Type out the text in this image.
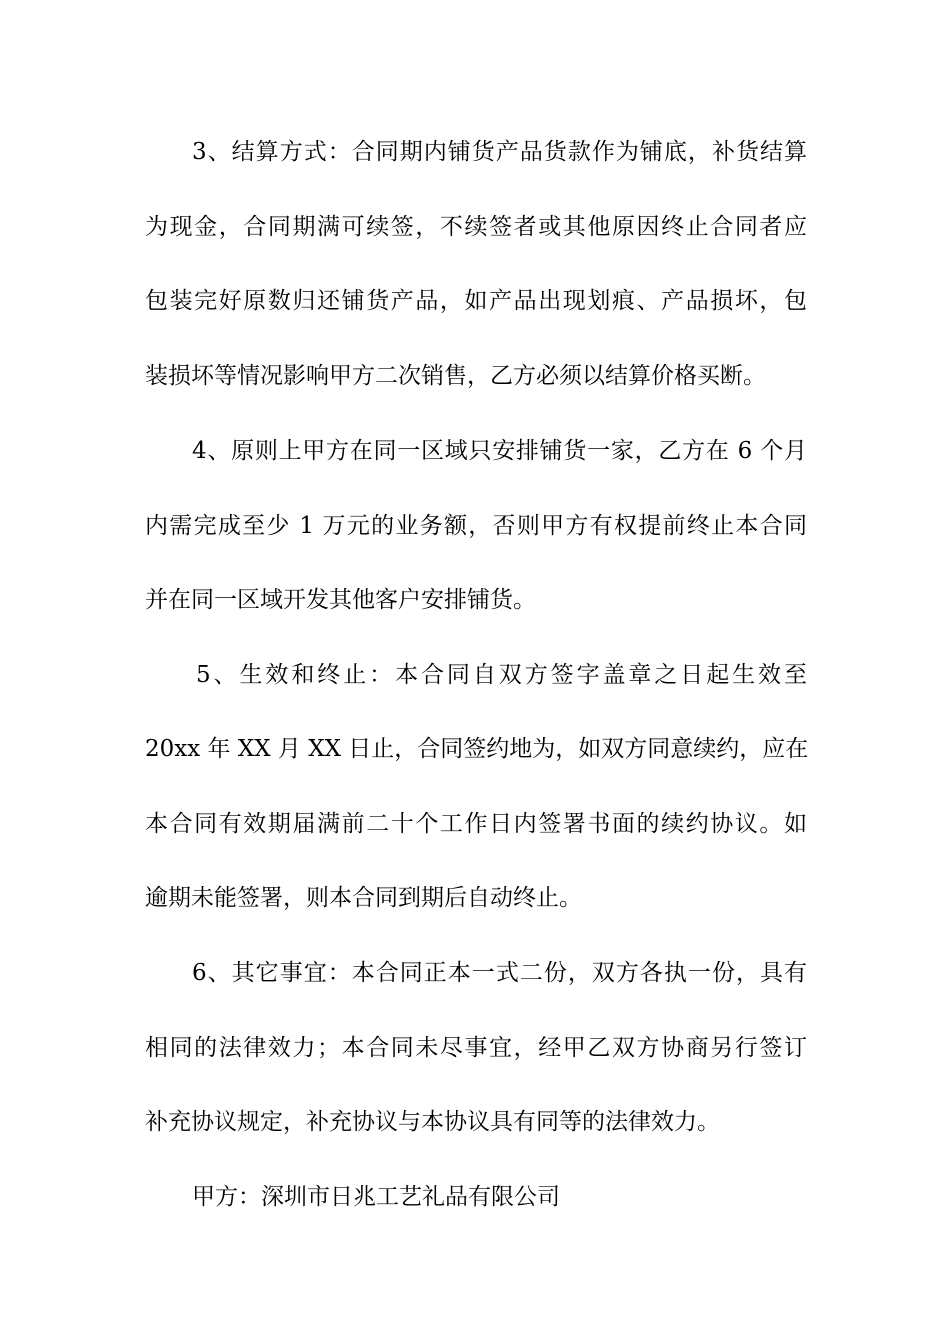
3、结算方式：合同期内铺货产品货款作为铺底，补货结算
为现金，合同期满可续签，不续签者或其他原因终止合同者应
包装完好原数归还铺货产品，如产品出现划痕、产品损坏，包
装损坏等情况影响甲方二次销售，乙方必须以结算价格买断。
4、原则上甲方在同一区域只安排铺货一家，乙方在 6 个月
内需完成至少 1 万元的业务额，否则甲方有权提前终止本合同
并在同一区域开发其他客户安排铺货。
5、生效和终止：本合同自双方签字盖章之日起生效至
20xx 年 XX 月 XX 日止，合同签约地为，如双方同意续约，应在
本合同有效期届满前二十个工作日内签署书面的续约协议。如
逾期未能签署，则本合同到期后自动终止。
6、其它事宜：本合同正本一式二份，双方各执一份，具有
相同的法律效力；本合同未尽事宜，经甲乙双方协商另行签订
补充协议规定，补充协议与本协议具有同等的法律效力。
甲方：深圳市日兆工艺礼品有限公司
